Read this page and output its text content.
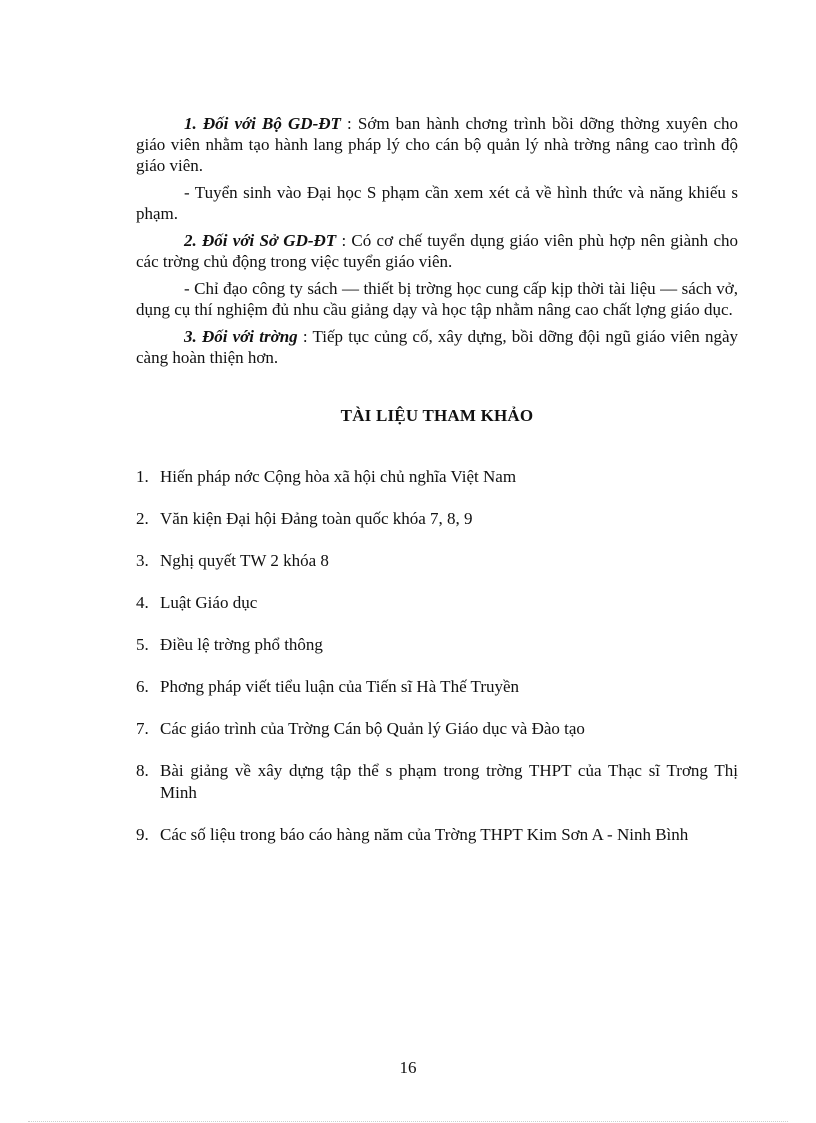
1. Đối với Bộ GD-ĐT : Sớm ban hành chơng trình bồi dỡng thờng xuyên cho giáo viên nhằm tạo hành lang pháp lý cho cán bộ quản lý nhà trờng nâng cao trình độ giáo viên.

- Tuyển sinh vào Đại học S phạm cần xem xét cả về hình thức và năng khiếu s phạm.

2. Đối với Sở GD-ĐT : Có cơ chế tuyển dụng giáo viên phù hợp nên giành cho các trờng chủ động trong việc tuyển giáo viên.

- Chỉ đạo công ty sách — thiết bị trờng học cung cấp kịp thời tài liệu — sách vở, dụng cụ thí nghiệm đủ nhu cầu giảng dạy và học tập nhằm nâng cao chất lợng giáo dục.

3. Đối với trờng : Tiếp tục củng cố, xây dựng, bồi dỡng đội ngũ giáo viên ngày càng hoàn thiện hơn.

TÀI LIỆU THAM KHẢO
1. Hiến pháp nớc Cộng hòa xã hội chủ nghĩa Việt Nam
2. Văn kiện Đại hội Đảng toàn quốc khóa 7, 8, 9
3. Nghị quyết TW 2 khóa 8
4. Luật Giáo dục
5. Điều lệ trờng phổ thông
6. Phơng pháp viết tiểu luận của Tiến sĩ Hà Thế Truyền
7. Các giáo trình của Trờng Cán bộ Quản lý Giáo dục và Đào tạo
8. Bài giảng về xây dựng tập thể s phạm trong trờng THPT của Thạc sĩ Trơng Thị Minh
9. Các số liệu trong báo cáo hàng năm của Trờng THPT Kim Sơn A - Ninh Bình
16
